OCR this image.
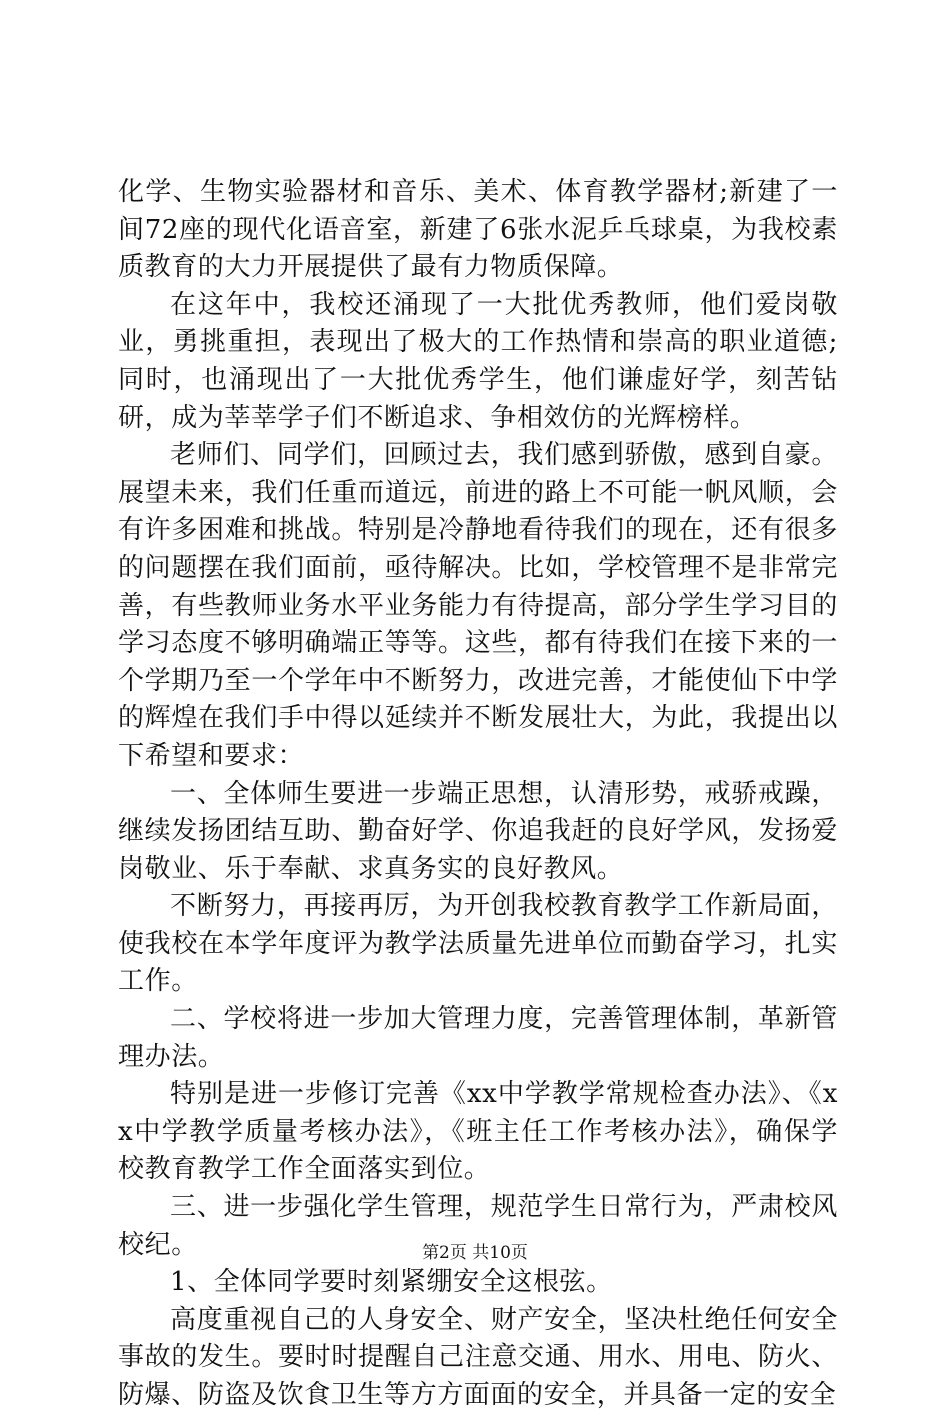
化学、生物实验器材和音乐、美术、体育教学器材;新建了一间72座的现代化语音室，新建了6张水泥乒乓球桌，为我校素质教育的大力开展提供了最有力物质保障。

在这年中，我校还涌现了一大批优秀教师，他们爱岗敬业，勇挑重担，表现出了极大的工作热情和崇高的职业道德;同时，也涌现出了一大批优秀学生，他们谦虚好学，刻苦钻研，成为莘莘学子们不断追求、争相效仿的光辉榜样。

老师们、同学们，回顾过去，我们感到骄傲，感到自豪。展望未来，我们任重而道远，前进的路上不可能一帆风顺，会有许多困难和挑战。特别是冷静地看待我们的现在，还有很多的问题摆在我们面前，亟待解决。比如，学校管理不是非常完善，有些教师业务水平业务能力有待提高，部分学生学习目的学习态度不够明确端正等等。这些，都有待我们在接下来的一个学期乃至一个学年中不断努力，改进完善，才能使仙下中学的辉煌在我们手中得以延续并不断发展壮大，为此，我提出以下希望和要求：

一、全体师生要进一步端正思想，认清形势，戒骄戒躁，继续发扬团结互助、勤奋好学、你追我赶的良好学风，发扬爱岗敬业、乐于奉献、求真务实的良好教风。

不断努力，再接再厉，为开创我校教育教学工作新局面，使我校在本学年度评为教学法质量先进单位而勤奋学习，扎实工作。

二、学校将进一步加大管理力度，完善管理体制，革新管理办法。

特别是进一步修订完善《xx中学教学常规检查办法》、《xx中学教学质量考核办法》，《班主任工作考核办法》，确保学校教育教学工作全面落实到位。

三、进一步强化学生管理，规范学生日常行为，严肃校风校纪。

1、全体同学要时刻紧绷安全这根弦。

高度重视自己的人身安全、财产安全，坚决杜绝任何安全事故的发生。要时时提醒自己注意交通、用水、用电、防火、防爆、防盗及饮食卫生等方方面面的安全，并具备一定的安全

第2页 共10页
